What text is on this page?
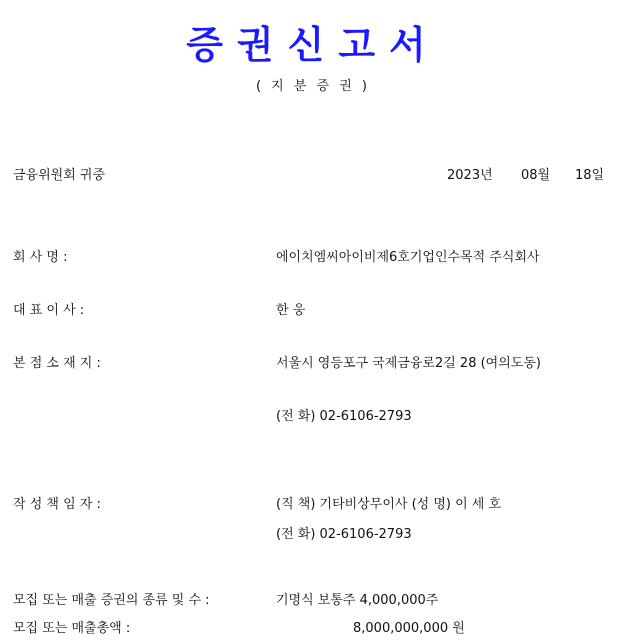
증권신고서
( 지 분 증 권 )
금융위원회 귀중	2023년 08월 18일
회 사 명 :	에이치엠씨아이비제6호기업인수목적 주식회사
대 표 이 사 :	한 웅
본 점 소 재 지 :	서울시 영등포구 국제금융로2길 28 (여의도동)
(전 화) 02-6106-2793
작 성 책 임 자 :	(직 책) 기타비상무이사 (성 명) 이 세 호
(전 화) 02-6106-2793
모집 또는 매출 증권의 종류 및 수 :	기명식 보통주 4,000,000주
모집 또는 매출총액 :	8,000,000,000 원
